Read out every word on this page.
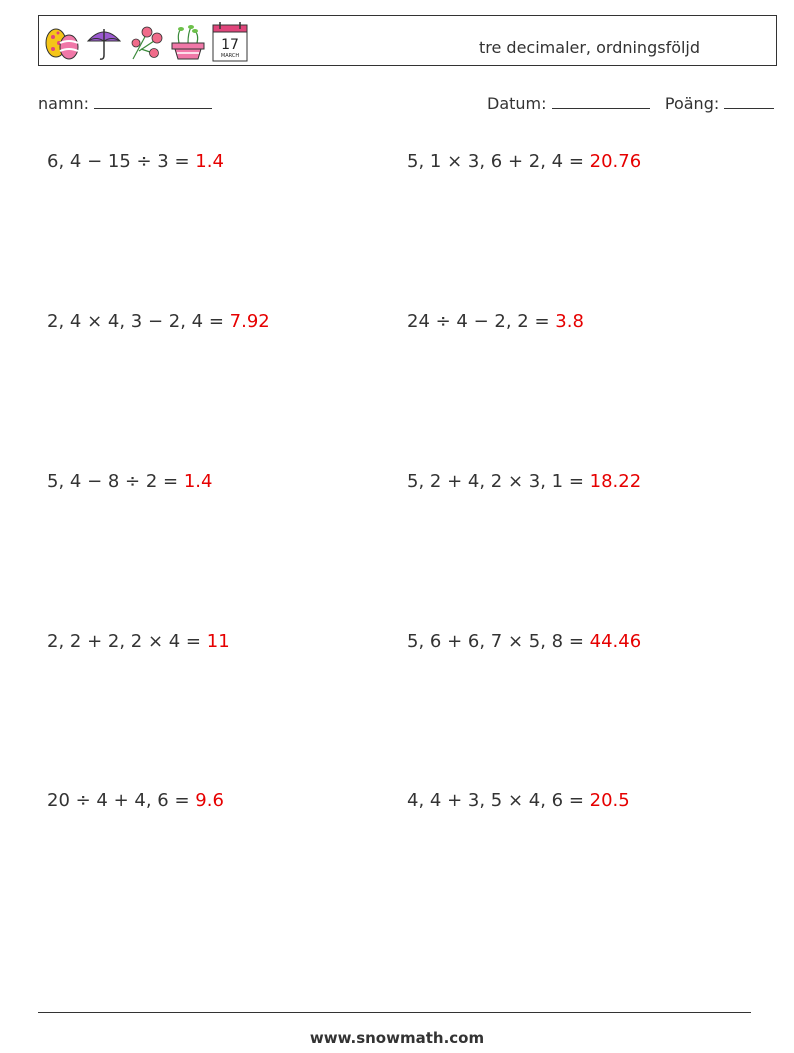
17
MARCH	tre decimaler, ordningsföljd
namn:	Datum:	Poäng:
6, 4 − 15 ÷ 3 = 1.4	5, 1 × 3, 6 + 2, 4 = 20.76
2, 4 × 4, 3 − 2, 4 = 7.92	24 ÷ 4 − 2, 2 = 3.8
5, 4 − 8 ÷ 2 = 1.4	5, 2 + 4, 2 × 3, 1 = 18.22
2, 2 + 2, 2 × 4 = 11	5, 6 + 6, 7 × 5, 8 = 44.46
20 ÷ 4 + 4, 6 = 9.6	4, 4 + 3, 5 × 4, 6 = 20.5
www.snowmath.com
